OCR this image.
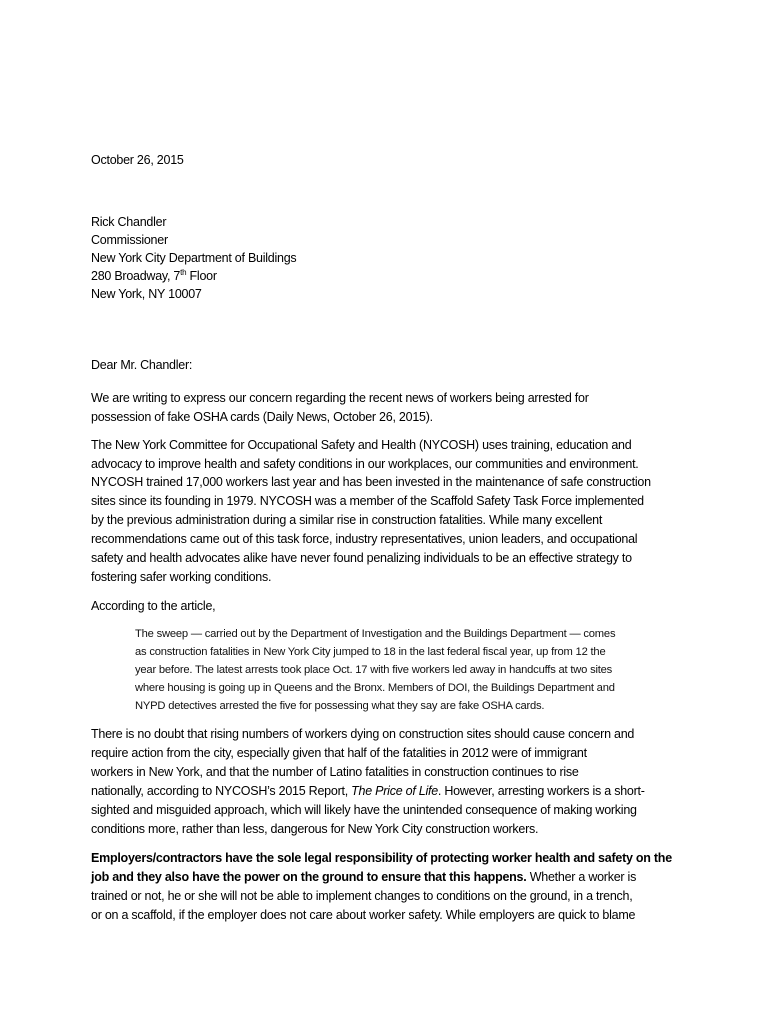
October 26, 2015

Rick Chandler

Commissioner

New York City Department of Buildings

280 Broadway, 7th Floor

New York, NY 10007

Dear Mr. Chandler:

We are writing to express our concern regarding the recent news of workers being arrested for

possession of fake OSHA cards (Daily News, October 26, 2015).

The New York Committee for Occupational Safety and Health (NYCOSH) uses training, education and

advocacy to improve health and safety conditions in our workplaces, our communities and environment.

NYCOSH trained 17,000 workers last year and has been invested in the maintenance of safe construction

sites since its founding in 1979. NYCOSH was a member of the Scaffold Safety Task Force implemented

by the previous administration during a similar rise in construction fatalities. While many excellent

recommendations came out of this task force, industry representatives, union leaders, and occupational

safety and health advocates alike have never found penalizing individuals to be an effective strategy to

fostering safer working conditions.

According to the article,

The sweep — carried out by the Department of Investigation and the Buildings Department — comes

as construction fatalities in New York City jumped to 18 in the last federal fiscal year, up from 12 the

year before. The latest arrests took place Oct. 17 with five workers led away in handcuffs at two sites

where housing is going up in Queens and the Bronx. Members of DOI, the Buildings Department and

NYPD detectives arrested the five for possessing what they say are fake OSHA cards.

There is no doubt that rising numbers of workers dying on construction sites should cause concern and

require action from the city, especially given that half of the fatalities in 2012 were of immigrant

workers in New York, and that the number of Latino fatalities in construction continues to rise

nationally, according to NYCOSH’s 2015 Report, The Price of Life. However, arresting workers is a short-

sighted and misguided approach, which will likely have the unintended consequence of making working

conditions more, rather than less, dangerous for New York City construction workers.

Employers/contractors have the sole legal responsibility of protecting worker health and safety on the

job and they also have the power on the ground to ensure that this happens. Whether a worker is

trained or not, he or she will not be able to implement changes to conditions on the ground, in a trench,

or on a scaffold, if the employer does not care about worker safety. While employers are quick to blame
